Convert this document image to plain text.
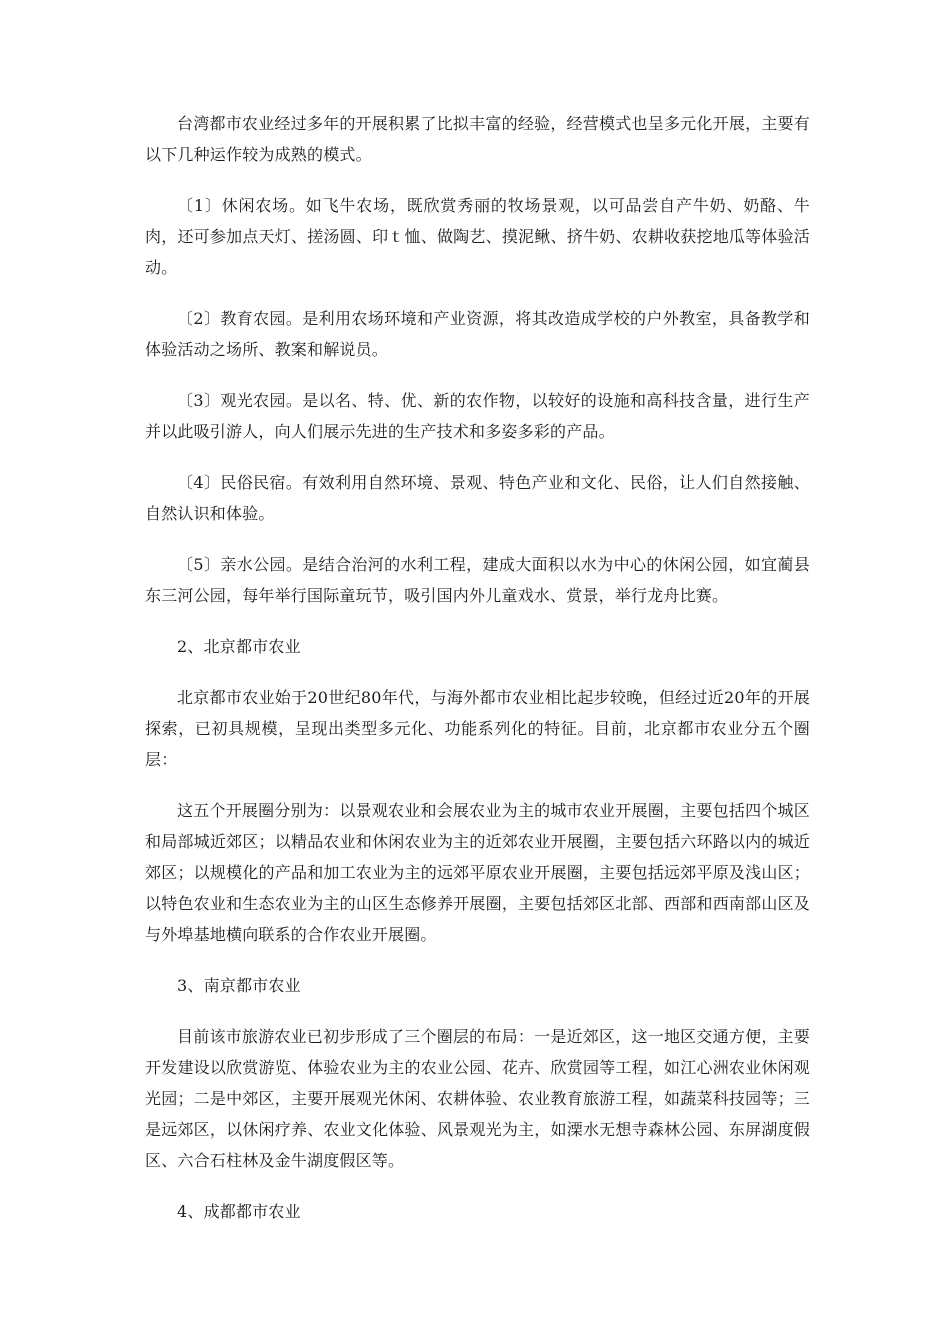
台湾都市农业经过多年的开展积累了比拟丰富的经验，经营模式也呈多元化开展，主要有以下几种运作较为成熟的模式。

〔1〕休闲农场。如飞牛农场，既欣赏秀丽的牧场景观，以可品尝自产牛奶、奶酪、牛肉，还可参加点天灯、搓汤圆、印ｔ恤、做陶艺、摸泥鳅、挤牛奶、农耕收获挖地瓜等体验活动。

〔2〕教育农园。是利用农场环境和产业资源，将其改造成学校的户外教室，具备教学和体验活动之场所、教案和解说员。

〔3〕观光农园。是以名、特、优、新的农作物，以较好的设施和高科技含量，进行生产并以此吸引游人，向人们展示先进的生产技术和多姿多彩的产品。

〔4〕民俗民宿。有效利用自然环境、景观、特色产业和文化、民俗，让人们自然接触、自然认识和体验。

〔5〕亲水公园。是结合治河的水利工程，建成大面积以水为中心的休闲公园，如宜蔺县东三河公园，每年举行国际童玩节，吸引国内外儿童戏水、赏景，举行龙舟比赛。

2、北京都市农业

北京都市农业始于20世纪80年代，与海外都市农业相比起步较晚，但经过近20年的开展探索，已初具规模，呈现出类型多元化、功能系列化的特征。目前，北京都市农业分五个圈层：

这五个开展圈分别为：以景观农业和会展农业为主的城市农业开展圈，主要包括四个城区和局部城近郊区；以精品农业和休闲农业为主的近郊农业开展圈，主要包括六环路以内的城近郊区；以规模化的产品和加工农业为主的远郊平原农业开展圈，主要包括远郊平原及浅山区；以特色农业和生态农业为主的山区生态修养开展圈，主要包括郊区北部、西部和西南部山区及与外埠基地横向联系的合作农业开展圈。

3、南京都市农业

目前该市旅游农业已初步形成了三个圈层的布局：一是近郊区，这一地区交通方便，主要开发建设以欣赏游览、体验农业为主的农业公园、花卉、欣赏园等工程，如江心洲农业休闲观光园；二是中郊区，主要开展观光休闲、农耕体验、农业教育旅游工程，如蔬菜科技园等；三是远郊区，以休闲疗养、农业文化体验、风景观光为主，如溧水无想寺森林公园、东屏湖度假区、六合石柱林及金牛湖度假区等。

4、成都都市农业
